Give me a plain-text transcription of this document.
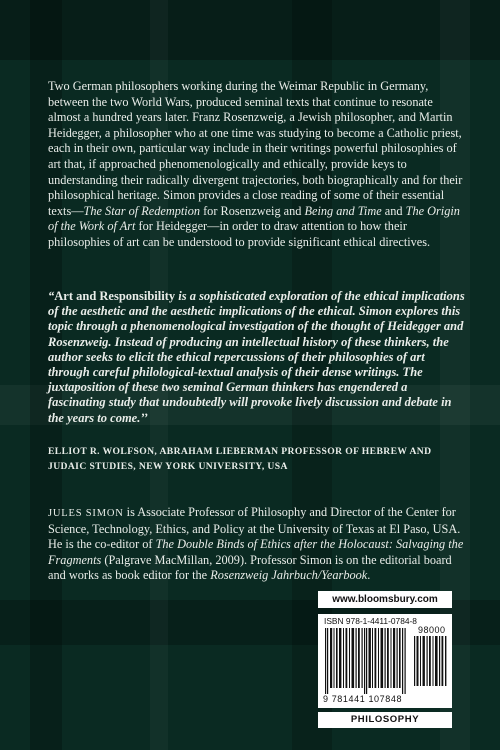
Two German philosophers working during the Weimar Republic in Germany, between the two World Wars, produced seminal texts that continue to resonate almost a hundred years later. Franz Rosenzweig, a Jewish philosopher, and Martin Heidegger, a philosopher who at one time was studying to become a Catholic priest, each in their own, particular way include in their writings powerful philosophies of art that, if approached phenomenologically and ethically, provide keys to understanding their radically divergent trajectories, both biographically and for their philosophical heritage. Simon provides a close reading of some of their essential texts—The Star of Redemption for Rosenzweig and Being and Time and The Origin of the Work of Art for Heidegger—in order to draw attention to how their philosophies of art can be understood to provide significant ethical directives.

“Art and Responsibility is a sophisticated exploration of the ethical implications of the aesthetic and the aesthetic implications of the ethical. Simon explores this topic through a phenomenological investigation of the thought of Heidegger and Rosenzweig. Instead of producing an intellectual history of these thinkers, the author seeks to elicit the ethical repercussions of their philosophies of art through careful philological-textual analysis of their dense writings. The juxtaposition of these two seminal German thinkers has engendered a fascinating study that undoubtedly will provoke lively discussion and debate in the years to come.’’

ELLIOT R. WOLFSON, ABRAHAM LIEBERMAN PROFESSOR OF HEBREW AND JUDAIC STUDIES, NEW YORK UNIVERSITY, USA

JULES SIMON is Associate Professor of Philosophy and Director of the Center for Science, Technology, Ethics, and Policy at the University of Texas at El Paso, USA. He is the co-editor of The Double Binds of Ethics after the Holocaust: Salvaging the Fragments (Palgrave MacMillan, 2009). Professor Simon is on the editorial board and works as book editor for the Rosenzweig Jahrbuch/Yearbook.

www.bloomsbury.com
ISBN 978-1-4411-0784-8
98000
9 781441 107848
PHILOSOPHY
